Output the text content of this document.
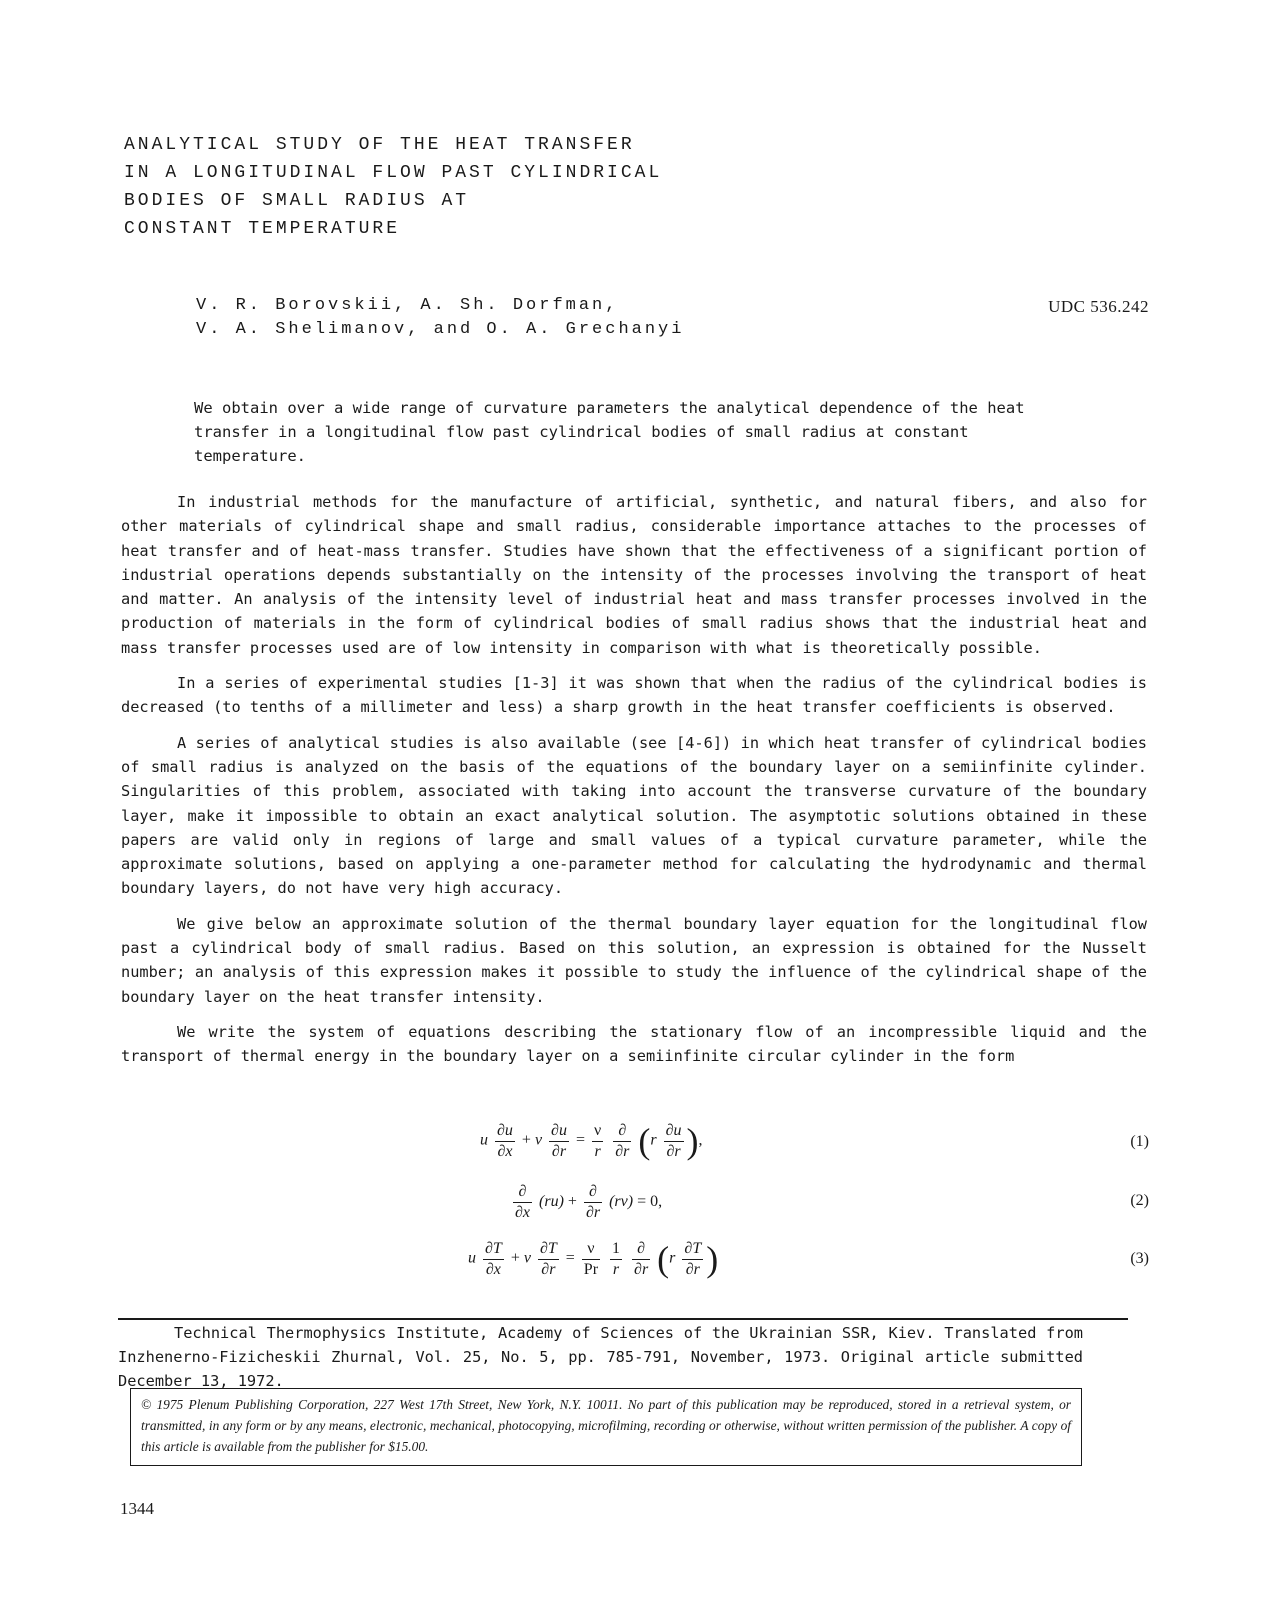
ANALYTICAL STUDY OF THE HEAT TRANSFER
IN A LONGITUDINAL FLOW PAST CYLINDRICAL
BODIES OF SMALL RADIUS AT
CONSTANT TEMPERATURE
V. R. Borovskii, A. Sh. Dorfman,
V. A. Shelimanov, and O. A. Grechanyi
UDC 536.242

We obtain over a wide range of curvature parameters the analytical dependence of the heat transfer in a longitudinal flow past cylindrical bodies of small radius at constant temperature.

In industrial methods for the manufacture of artificial, synthetic, and natural fibers, and also for other materials of cylindrical shape and small radius, considerable importance attaches to the processes of heat transfer and of heat-mass transfer. Studies have shown that the effectiveness of a significant portion of industrial operations depends substantially on the intensity of the processes involving the transport of heat and matter. An analysis of the intensity level of industrial heat and mass transfer processes involved in the production of materials in the form of cylindrical bodies of small radius shows that the industrial heat and mass transfer processes used are of low intensity in comparison with what is theoretically possible.

In a series of experimental studies [1-3] it was shown that when the radius of the cylindrical bodies is decreased (to tenths of a millimeter and less) a sharp growth in the heat transfer coefficients is observed.

A series of analytical studies is also available (see [4-6]) in which heat transfer of cylindrical bodies of small radius is analyzed on the basis of the equations of the boundary layer on a semiinfinite cylinder. Singularities of this problem, associated with taking into account the transverse curvature of the boundary layer, make it impossible to obtain an exact analytical solution. The asymptotic solutions obtained in these papers are valid only in regions of large and small values of a typical curvature parameter, while the approximate solutions, based on applying a one-parameter method for calculating the hydrodynamic and thermal boundary layers, do not have very high accuracy.

We give below an approximate solution of the thermal boundary layer equation for the longitudinal flow past a cylindrical body of small radius. Based on this solution, an expression is obtained for the Nusselt number; an analysis of this expression makes it possible to study the influence of the cylindrical shape of the boundary layer on the heat transfer intensity.

We write the system of equations describing the stationary flow of an incompressible liquid and the transport of thermal energy in the boundary layer on a semiinfinite circular cylinder in the form

u $\frac{\partial u}{\partial x} + v \frac{\partial u}{\partial r} = \frac{\nu}{r}$
$\frac{\partial}{\partial r} (r \frac{\partial u}{\partial r}$ ),	(1)
$\frac{\partial}{\partial x} (ru) + \frac{\partial}{\partial r} (rv) = 0$,	(2)
u $\frac{\partial T}{\partial x} + v \frac{\partial T}{\partial r} = \frac{\nu}{Pr}$
$\frac{1}{r}$
$\frac{\partial}{\partial r} (r \frac{\partial T}{\partial r}$ )	(3)

Technical Thermophysics Institute, Academy of Sciences of the Ukrainian SSR, Kiev. Translated from Inzhenerno-Fizicheskii Zhurnal, Vol. 25, No. 5, pp. 785-791, November, 1973. Original article submitted December 13, 1972.

© 1975 Plenum Publishing Corporation, 227 West 17th Street, New York, N.Y. 10011. No part of this publication may be reproduced, stored in a retrieval system, or transmitted, in any form or by any means, electronic, mechanical, photocopying, microfilming, recording or otherwise, without written permission of the publisher. A copy of this article is available from the publisher for $15.00.
1344
